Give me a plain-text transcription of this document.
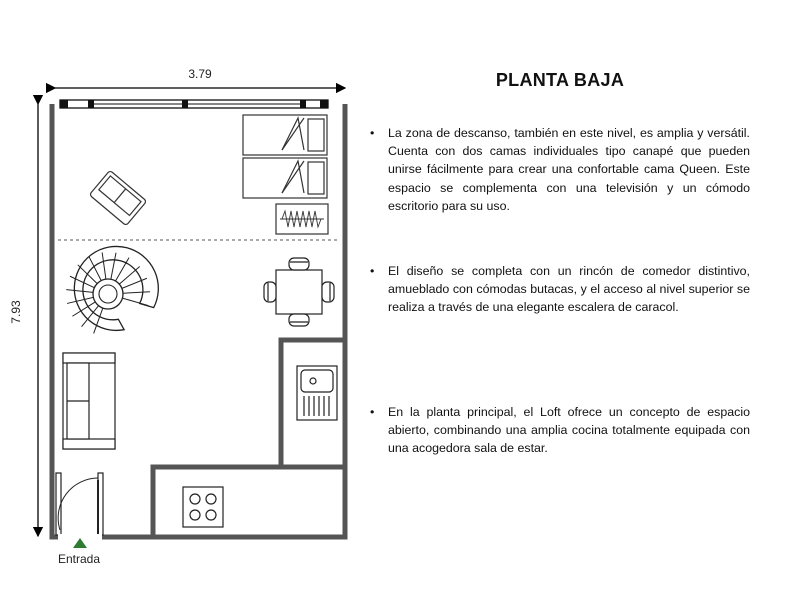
3.79
7.93
Entrada
PLANTA BAJA
• La zona de descanso, también en este nivel, es amplia y versátil. Cuenta con dos camas individuales tipo canapé que pueden unirse fácilmente para crear una confortable cama Queen. Este espacio se complementa con una televisión y un cómodo escritorio para su uso.
• El diseño se completa con un rincón de comedor distintivo, amueblado con cómodas butacas, y el acceso al nivel superior se realiza a través de una elegante escalera de caracol.
• En la planta principal, el Loft ofrece un concepto de espacio abierto, combinando una amplia cocina totalmente equipada con una acogedora sala de estar.
